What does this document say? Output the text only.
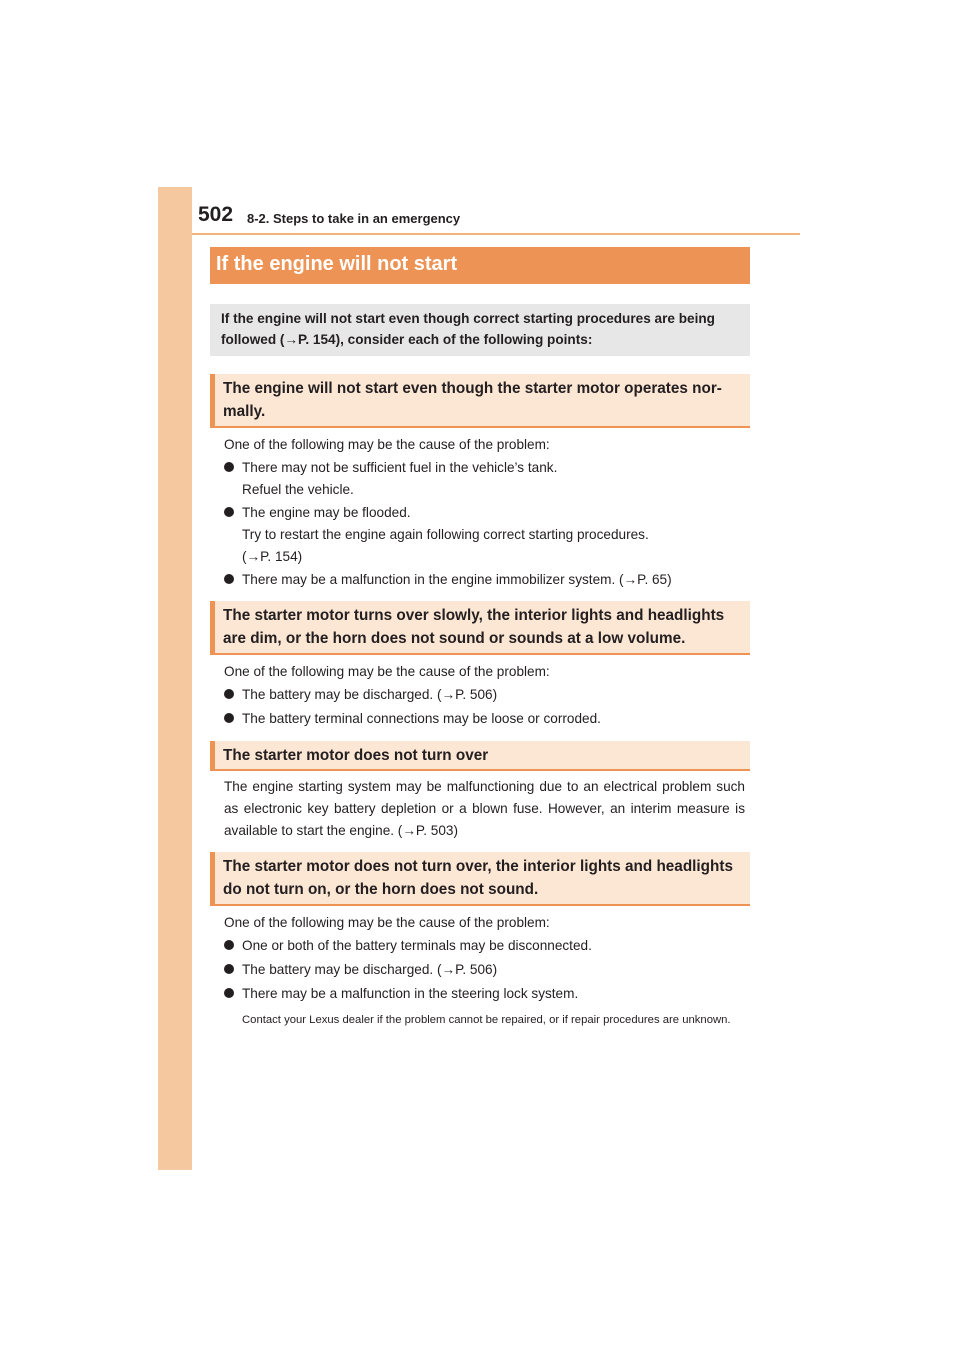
502 8-2. Steps to take in an emergency
If the engine will not start
If the engine will not start even though correct starting procedures are being followed (→P. 154), consider each of the following points:
The engine will not start even though the starter motor operates nor-
mally.
One of the following may be the cause of the problem:
There may not be sufficient fuel in the vehicle’s tank.
Refuel the vehicle.
The engine may be flooded.
Try to restart the engine again following correct starting procedures.
(→P. 154)
There may be a malfunction in the engine immobilizer system. (→P. 65)
The starter motor turns over slowly, the interior lights and headlights
are dim, or the horn does not sound or sounds at a low volume.
One of the following may be the cause of the problem:
The battery may be discharged. (→P. 506)
The battery terminal connections may be loose or corroded.
The starter motor does not turn over
The engine starting system may be malfunctioning due to an electrical problem such as electronic key battery depletion or a blown fuse. However, an interim measure is available to start the engine. (→P. 503)
The starter motor does not turn over, the interior lights and headlights
do not turn on, or the horn does not sound.
One of the following may be the cause of the problem:
One or both of the battery terminals may be disconnected.
The battery may be discharged. (→P. 506)
There may be a malfunction in the steering lock system.
Contact your Lexus dealer if the problem cannot be repaired, or if repair procedures are unknown.
